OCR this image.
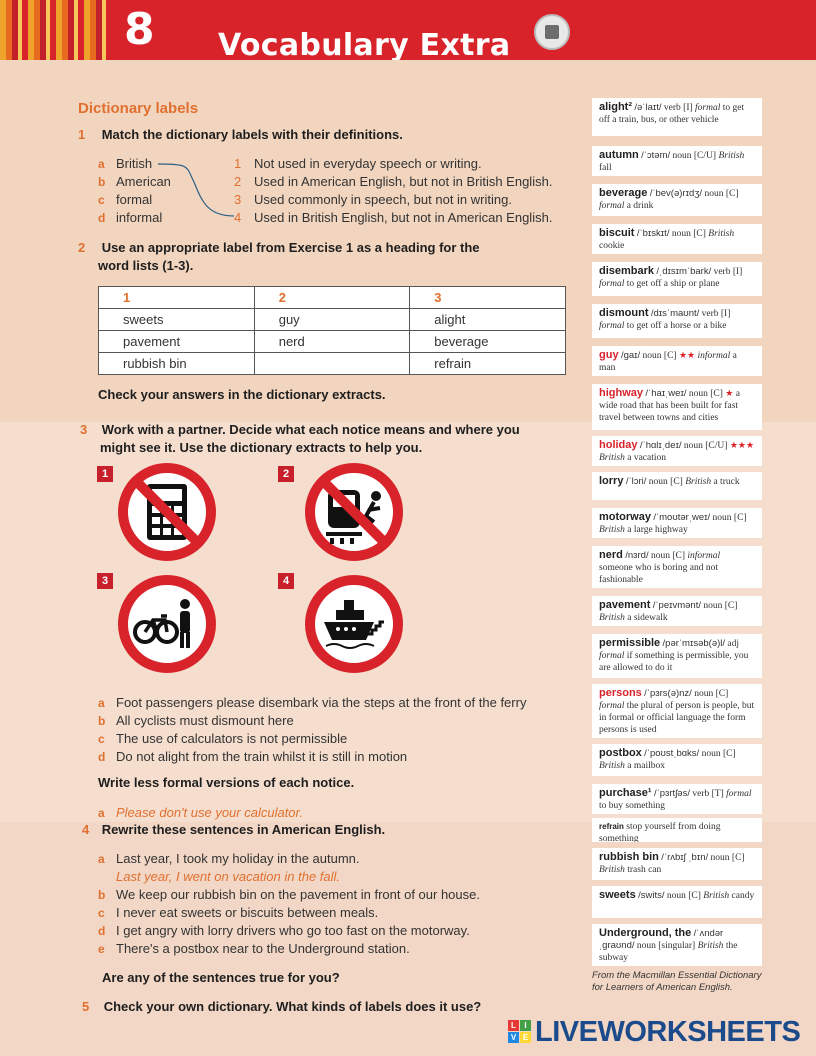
8 Vocabulary Extra
Dictionary labels
1 Match the dictionary labels with their definitions.
a British
b American
c formal
d informal
1 Not used in everyday speech or writing.
2 Used in American English, but not in British English.
3 Used commonly in speech, but not in writing.
4 Used in British English, but not in American English.
2 Use an appropriate label from Exercise 1 as a heading for the
word lists (1-3).
1	2	3
sweets	guy	alight
pavement	nerd	beverage
rubbish bin		refrain
Check your answers in the dictionary extracts.
3 Work with a partner. Decide what each notice means and where you
might see it. Use the dictionary extracts to help you.
1	2
3	4
a Foot passengers please disembark via the steps at the front of the ferry
b All cyclists must dismount here
c The use of calculators is not permissible
d Do not alight from the train whilst it is still in motion
Write less formal versions of each notice.
a Please don't use your calculator.
4 Rewrite these sentences in American English.
a Last year, I took my holiday in the autumn.
Last year, I went on vacation in the fall.
b We keep our rubbish bin on the pavement in front of our house.
c I never eat sweets or biscuits between meals.
d I get angry with lorry drivers who go too fast on the motorway.
e There's a postbox near to the Underground station.
Are any of the sentences true for you?
5 Check your own dictionary. What kinds of labels does it use?
alight² /əˈlaɪt/ verb [I] formal to get off a train, bus, or other vehicle
autumn /ˈɔtəm/ noun [C/U] British fall
beverage /ˈbev(ə)rɪdʒ/ noun [C] formal a drink
biscuit /ˈbɪskɪt/ noun [C] British cookie
disembark /ˌdɪsɪmˈbark/ verb [I] formal to get off a ship or plane
dismount /dɪsˈmaʊnt/ verb [I] formal to get off a horse or a bike
guy /ɡaɪ/ noun [C] ★★ informal a man
highway /ˈhaɪˌweɪ/ noun [C] ★ a wide road that has been built for fast travel between towns and cities
holiday /ˈhɑlɪˌdeɪ/ noun [C/U] ★★★ British a vacation
lorry /ˈlɔri/ noun [C] British a truck
motorway /ˈmoʊtərˌweɪ/ noun [C] British a large highway
nerd /nɜrd/ noun [C] informal someone who is boring and not fashionable
pavement /ˈpeɪvmənt/ noun [C] British a sidewalk
permissible /pərˈmɪsəb(ə)l/ adj formal if something is permissible, you are allowed to do it
persons /ˈpɜrs(ə)nz/ noun [C] formal the plural of person is people, but in formal or official language the form persons is used
postbox /ˈpoʊstˌbɑks/ noun [C] British a mailbox
purchase¹ /ˈpɜrtʃəs/ verb [T] formal to buy something
refrain stop yourself from doing something
rubbish bin /ˈrʌbɪʃ ˌbɪn/ noun [C] British trash can
sweets /swits/ noun [C] British candy
Underground, the /ˈʌndərˌɡraʊnd/ noun [singular] British the subway
From the Macmillan Essential Dictionary for Learners of American English.
L	I
V E LIVEWORKSHEETS
